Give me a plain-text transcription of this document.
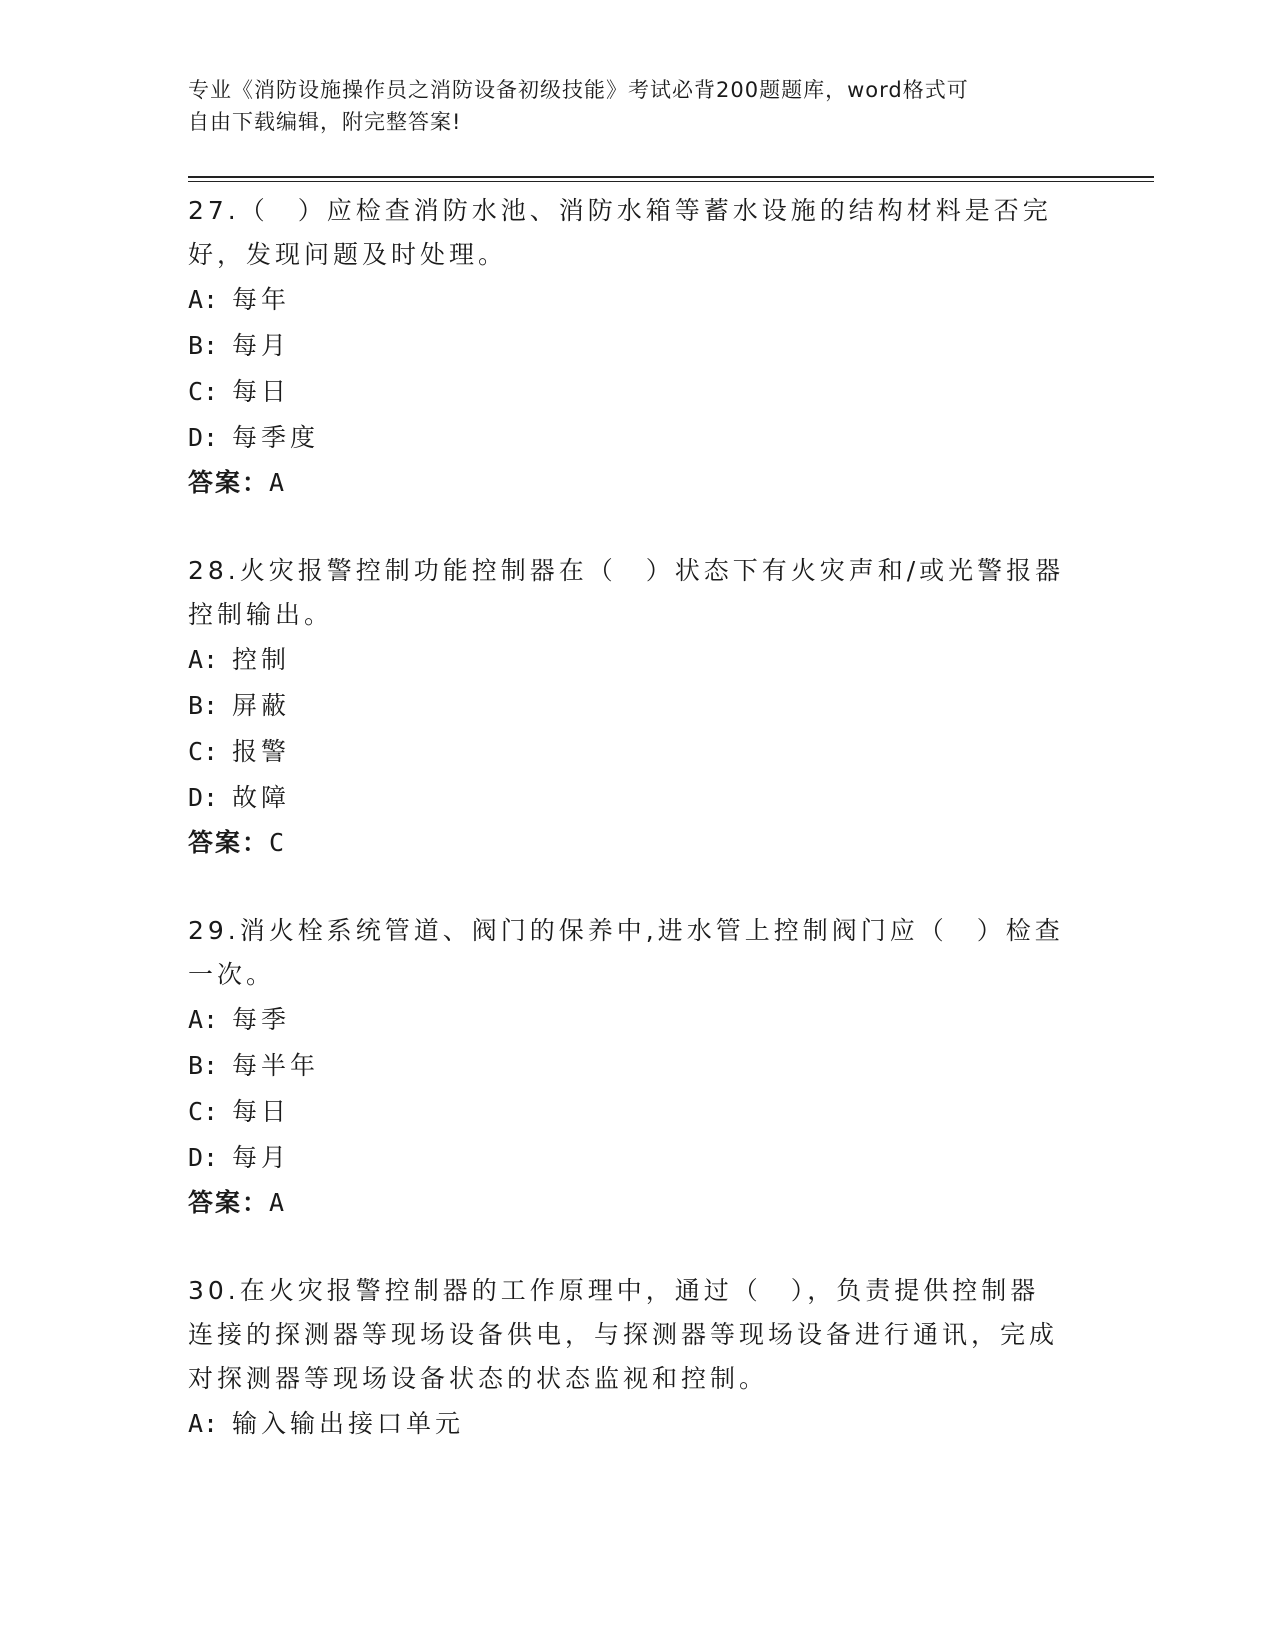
专业《消防设施操作员之消防设备初级技能》考试必背200题题库，word格式可
自由下载编辑，附完整答案!

27.（　）应检查消防水池、消防水箱等蓄水设施的结构材料是否完好，发现问题及时处理。

A: 每年

B: 每月

C: 每日

D: 每季度

答案：A

28.火灾报警控制功能控制器在（　）状态下有火灾声和/或光警报器控制输出。

A: 控制

B: 屏蔽

C: 报警

D: 故障

答案：C

29.消火栓系统管道、阀门的保养中,进水管上控制阀门应（　）检查一次。

A: 每季

B: 每半年

C: 每日

D: 每月

答案：A

30.在火灾报警控制器的工作原理中，通过（　），负责提供控制器连接的探测器等现场设备供电，与探测器等现场设备进行通讯，完成对探测器等现场设备状态的状态监视和控制。

A: 输入输出接口单元
